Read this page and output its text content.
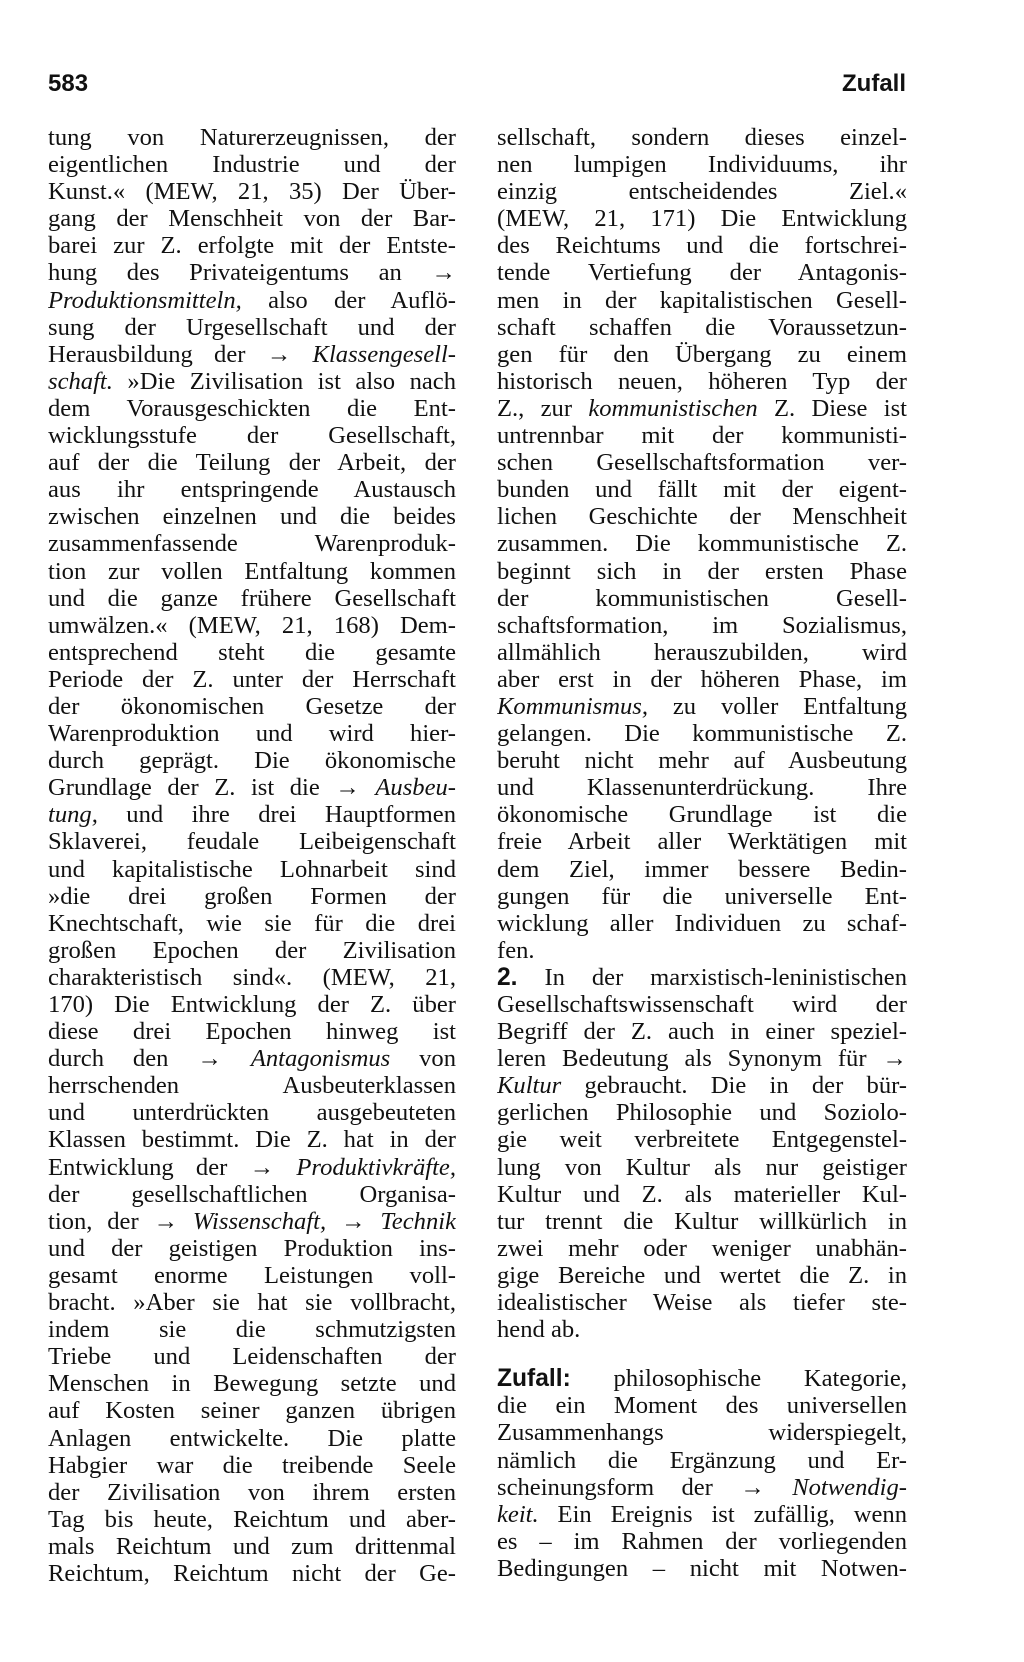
583	Zufall
tung von Naturerzeugnissen, der
eigentlichen Industrie und der
Kunst.« (MEW, 21, 35) Der Über-
gang der Menschheit von der Bar-
barei zur Z. erfolgte mit der Entste-
hung des Privateigentums an →
Produktionsmitteln, also der Auflö-
sung der Urgesellschaft und der
Herausbildung der → Klassengesell-
schaft. »Die Zivilisation ist also nach
dem Vorausgeschickten die Ent-
wicklungsstufe der Gesellschaft,
auf der die Teilung der Arbeit, der
aus ihr entspringende Austausch
zwischen einzelnen und die beides
zusammenfassende Warenproduk-
tion zur vollen Entfaltung kommen
und die ganze frühere Gesellschaft
umwälzen.« (MEW, 21, 168) Dem-
entsprechend steht die gesamte
Periode der Z. unter der Herrschaft
der ökonomischen Gesetze der
Warenproduktion und wird hier-
durch geprägt. Die ökonomische
Grundlage der Z. ist die → Ausbeu-
tung, und ihre drei Hauptformen
Sklaverei, feudale Leibeigenschaft
und kapitalistische Lohnarbeit sind
»die drei großen Formen der
Knechtschaft, wie sie für die drei
großen Epochen der Zivilisation
charakteristisch sind«. (MEW, 21,
170) Die Entwicklung der Z. über
diese drei Epochen hinweg ist
durch den → Antagonismus von
herrschenden Ausbeuterklassen
und unterdrückten ausgebeuteten
Klassen bestimmt. Die Z. hat in der
Entwicklung der → Produktivkräfte,
der gesellschaftlichen Organisa-
tion, der → Wissenschaft, → Technik
und der geistigen Produktion ins-
gesamt enorme Leistungen voll-
bracht. »Aber sie hat sie vollbracht,
indem sie die schmutzigsten
Triebe und Leidenschaften der
Menschen in Bewegung setzte und
auf Kosten seiner ganzen übrigen
Anlagen entwickelte. Die platte
Habgier war die treibende Seele
der Zivilisation von ihrem ersten
Tag bis heute, Reichtum und aber-
mals Reichtum und zum drittenmal
Reichtum, Reichtum nicht der Ge-
sellschaft, sondern dieses einzel-
nen lumpigen Individuums, ihr
einzig entscheidendes Ziel.«
(MEW, 21, 171) Die Entwicklung
des Reichtums und die fortschrei-
tende Vertiefung der Antagonis-
men in der kapitalistischen Gesell-
schaft schaffen die Voraussetzun-
gen für den Übergang zu einem
historisch neuen, höheren Typ der
Z., zur kommunistischen Z. Diese ist
untrennbar mit der kommunisti-
schen Gesellschaftsformation ver-
bunden und fällt mit der eigent-
lichen Geschichte der Menschheit
zusammen. Die kommunistische Z.
beginnt sich in der ersten Phase
der kommunistischen Gesell-
schaftsformation, im Sozialismus,
allmählich herauszubilden, wird
aber erst in der höheren Phase, im
Kommunismus, zu voller Entfaltung
gelangen. Die kommunistische Z.
beruht nicht mehr auf Ausbeutung
und Klassenunterdrückung. Ihre
ökonomische Grundlage ist die
freie Arbeit aller Werktätigen mit
dem Ziel, immer bessere Bedin-
gungen für die universelle Ent-
wicklung aller Individuen zu schaf-
fen.
2. In der marxistisch-leninistischen
Gesellschaftswissenschaft wird der
Begriff der Z. auch in einer speziel-
leren Bedeutung als Synonym für →
Kultur gebraucht. Die in der bür-
gerlichen Philosophie und Soziolo-
gie weit verbreitete Entgegenstel-
lung von Kultur als nur geistiger
Kultur und Z. als materieller Kul-
tur trennt die Kultur willkürlich in
zwei mehr oder weniger unabhän-
gige Bereiche und wertet die Z. in
idealistischer Weise als tiefer ste-
hend ab.
Zufall: philosophische Kategorie,
die ein Moment des universellen
Zusammenhangs widerspiegelt,
nämlich die Ergänzung und Er-
scheinungsform der → Notwendig-
keit. Ein Ereignis ist zufällig, wenn
es – im Rahmen der vorliegenden
Bedingungen – nicht mit Notwen-
